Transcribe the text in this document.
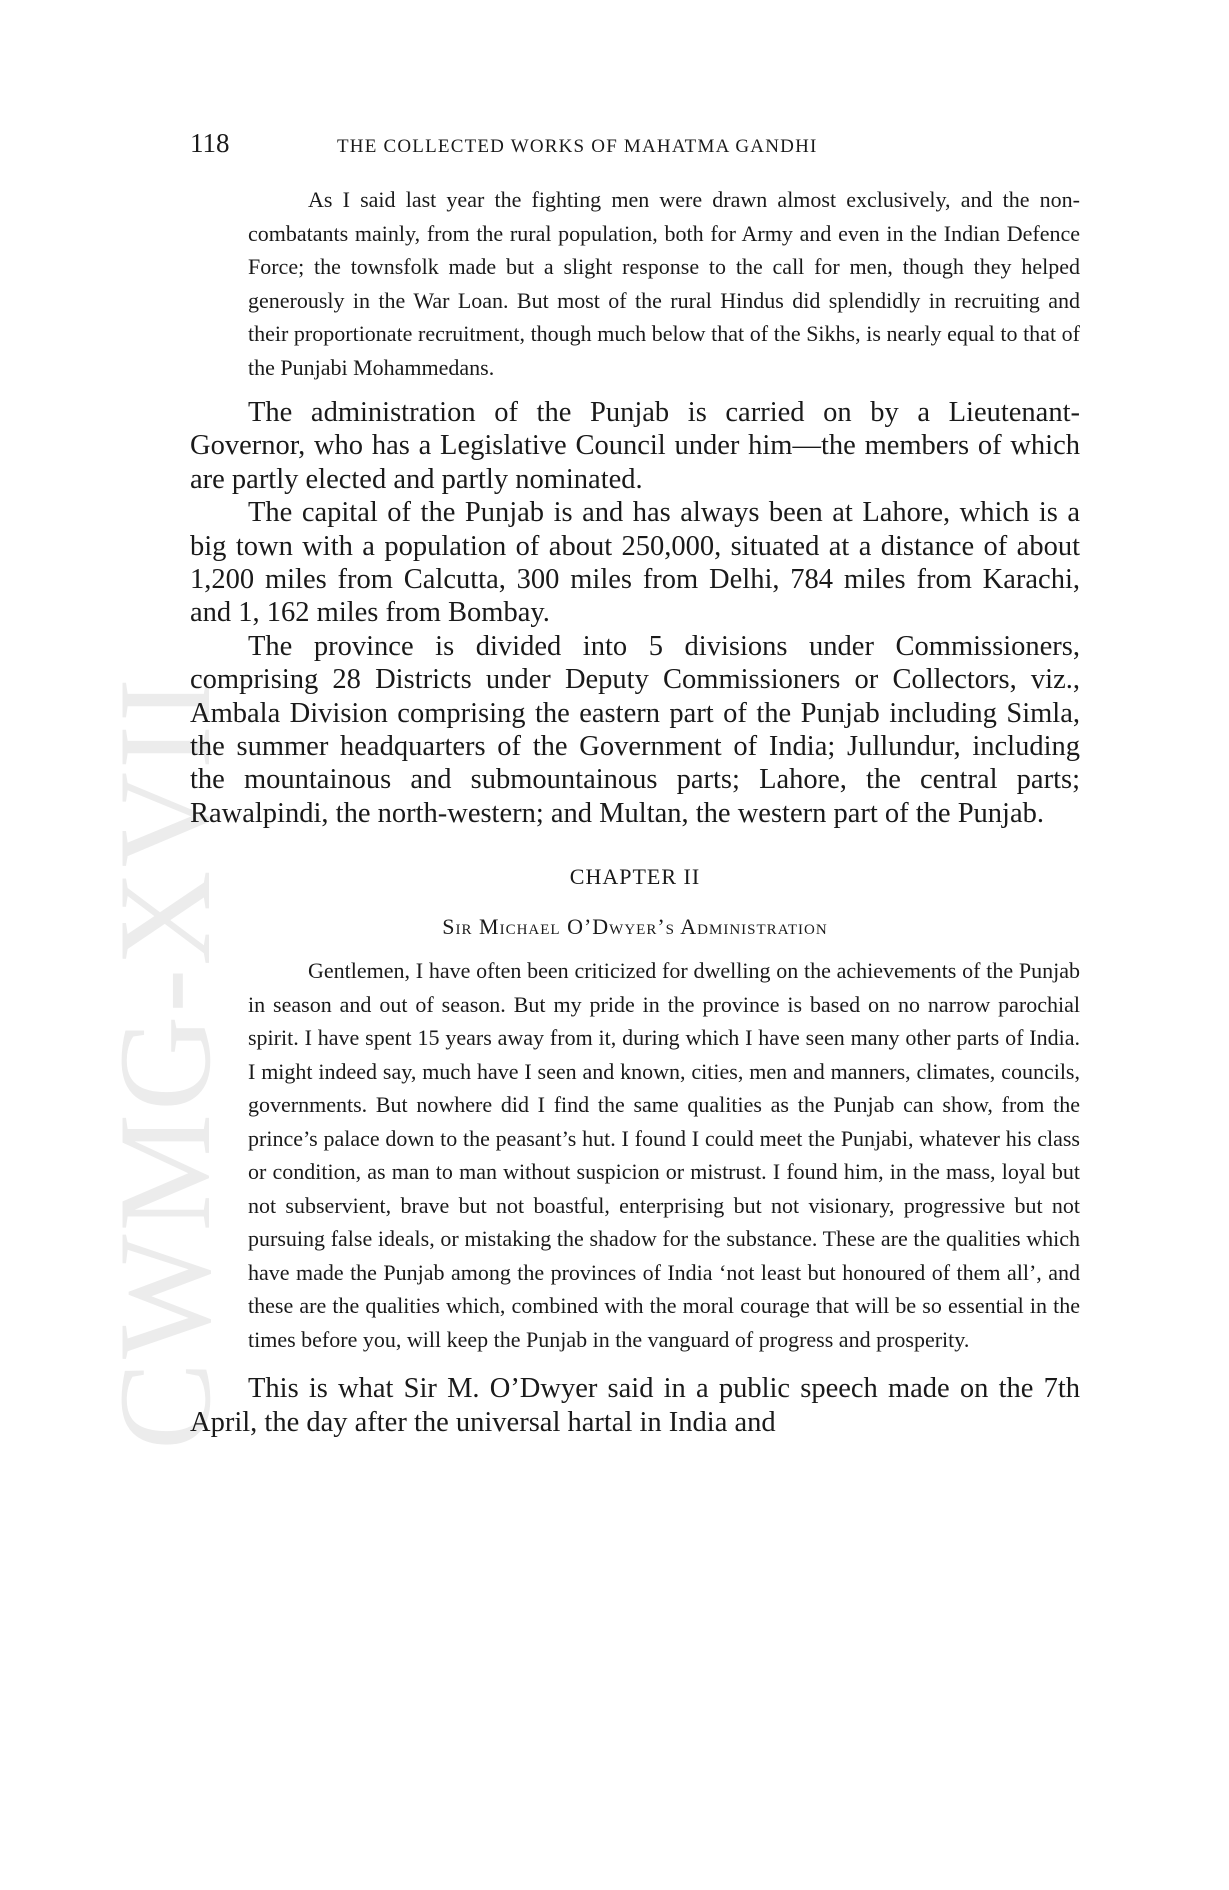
CWMG-XVII
118	THE COLLECTED WORKS OF MAHATMA GANDHI

As I said last year the fighting men were drawn almost exclusively, and the non-combatants mainly, from the rural population, both for Army and even in the Indian Defence Force; the townsfolk made but a slight response to the call for men, though they helped generously in the War Loan. But most of the rural Hindus did splendidly in recruiting and their proportionate recruitment, though much below that of the Sikhs, is nearly equal to that of the Punjabi Mohammedans.

The administration of the Punjab is carried on by a Lieutenant-Governor, who has a Legislative Council under him—the members of which are partly elected and partly nominated.

The capital of the Punjab is and has always been at Lahore, which is a big town with a population of about 250,000, situated at a distance of about 1,200 miles from Calcutta, 300 miles from Delhi, 784 miles from Karachi, and 1, 162 miles from Bombay.

The province is divided into 5 divisions under Commissioners, comprising 28 Districts under Deputy Commissioners or Collectors, viz., Ambala Division comprising the eastern part of the Punjab including Simla, the summer headquarters of the Government of India; Jullundur, including the mountainous and submountainous parts; Lahore, the central parts; Rawalpindi, the north-western; and Multan, the western part of the Punjab.

CHAPTER II
Sir Michael O’Dwyer’s Administration

Gentlemen, I have often been criticized for dwelling on the achievements of the Punjab in season and out of season. But my pride in the province is based on no narrow parochial spirit. I have spent 15 years away from it, during which I have seen many other parts of India. I might indeed say, much have I seen and known, cities, men and manners, climates, councils, governments. But nowhere did I find the same qualities as the Punjab can show, from the prince’s palace down to the peasant’s hut. I found I could meet the Punjabi, whatever his class or condition, as man to man without suspicion or mistrust. I found him, in the mass, loyal but not subservient, brave but not boastful, enterprising but not visionary, progressive but not pursuing false ideals, or mistaking the shadow for the substance. These are the qualities which have made the Punjab among the provinces of India ‘not least but honoured of them all’, and these are the qualities which, combined with the moral courage that will be so essential in the times before you, will keep the Punjab in the vanguard of progress and prosperity.

This is what Sir M. O’Dwyer said in a public speech made on the 7th April, the day after the universal hartal in India and
